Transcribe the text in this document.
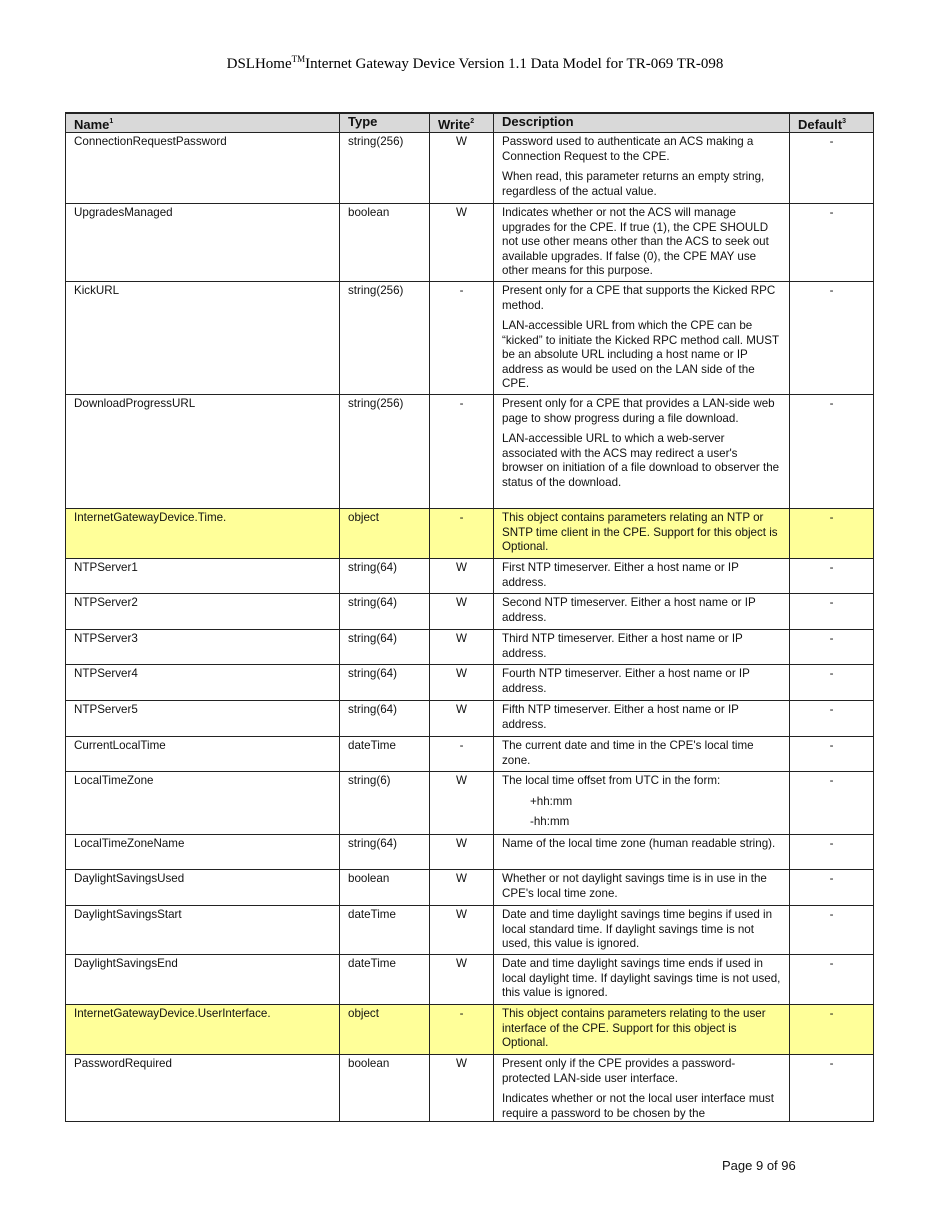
DSLHome™Internet Gateway Device Version 1.1 Data Model for TR-069 TR-098
Name$^1$	Type	Write$^2$	Description	Default$^3$
ConnectionRequestPassword	string(256)	W	Password used to authenticate an ACS making a Connection Request to the CPE.

When read, this parameter returns an empty string, regardless of the actual value.	-
UpgradesManaged	boolean	W	Indicates whether or not the ACS will manage upgrades for the CPE. If true (1), the CPE SHOULD not use other means other than the ACS to seek out available upgrades. If false (0), the CPE MAY use other means for this purpose.	-
KickURL	string(256)	-	Present only for a CPE that supports the Kicked RPC method.

LAN-accessible URL from which the CPE can be “kicked” to initiate the Kicked RPC method call. MUST be an absolute URL including a host name or IP address as would be used on the LAN side of the CPE.	-
DownloadProgressURL	string(256)	-	Present only for a CPE that provides a LAN-side web page to show progress during a file download.

LAN-accessible URL to which a web-server associated with the ACS may redirect a user's browser on initiation of a file download to observer the status of the download.	-
InternetGatewayDevice.Time.	object	-	This object contains parameters relating an NTP or SNTP time client in the CPE. Support for this object is Optional.	-
NTPServer1	string(64)	W	First NTP timeserver. Either a host name or IP address.	-
NTPServer2	string(64)	W	Second NTP timeserver. Either a host name or IP address.	-
NTPServer3	string(64)	W	Third NTP timeserver. Either a host name or IP address.	-
NTPServer4	string(64)	W	Fourth NTP timeserver. Either a host name or IP address.	-
NTPServer5	string(64)	W	Fifth NTP timeserver. Either a host name or IP address.	-
CurrentLocalTime	dateTime	-	The current date and time in the CPE's local time zone.	-
LocalTimeZone	string(6)	W	The local time offset from UTC in the form:

+hh:mm

-hh:mm	-
LocalTimeZoneName	string(64)	W	Name of the local time zone (human readable string).	-
DaylightSavingsUsed	boolean	W	Whether or not daylight savings time is in use in the CPE's local time zone.	-
DaylightSavingsStart	dateTime	W	Date and time daylight savings time begins if used in local standard time. If daylight savings time is not used, this value is ignored.	-
DaylightSavingsEnd	dateTime	W	Date and time daylight savings time ends if used in local daylight time. If daylight savings time is not used, this value is ignored.	-
InternetGatewayDevice.UserInterface.	object	-	This object contains parameters relating to the user interface of the CPE. Support for this object is Optional.	-
PasswordRequired	boolean	W	Present only if the CPE provides a password-protected LAN-side user interface.

Indicates whether or not the local user interface must require a password to be chosen by the	-
Page 9 of 96
